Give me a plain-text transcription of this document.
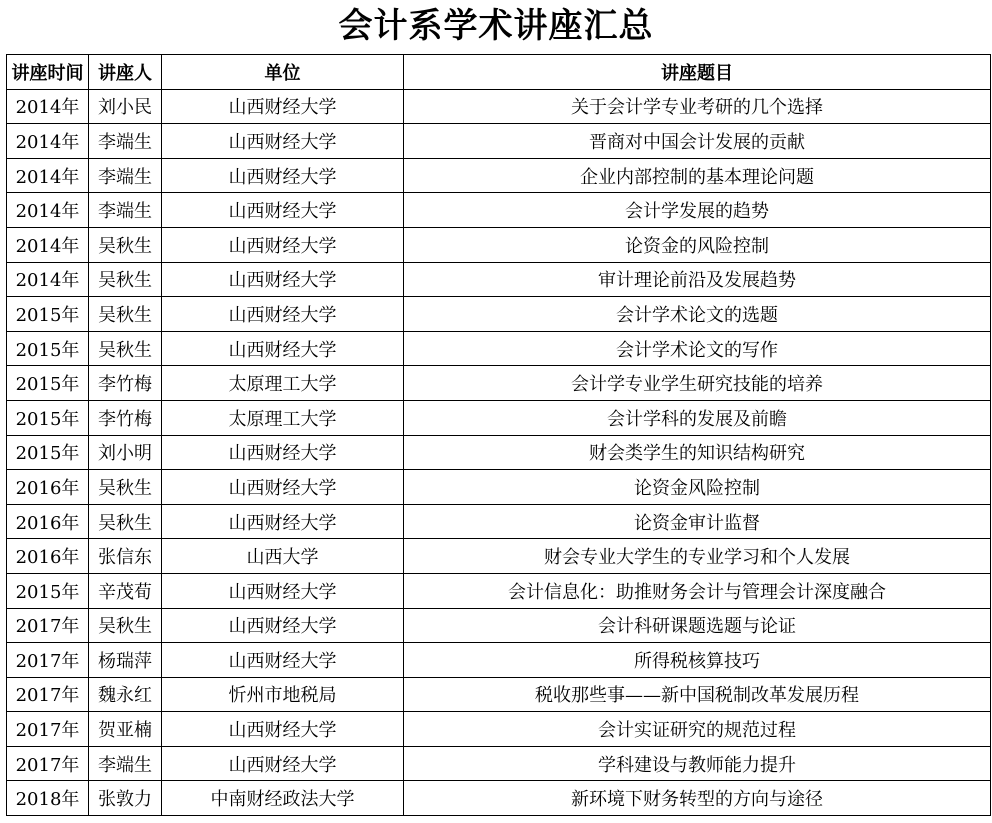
会计系学术讲座汇总
讲座时间	讲座人	单位	讲座题目
2014年	刘小民	山西财经大学	关于会计学专业考研的几个选择
2014年	李端生	山西财经大学	晋商对中国会计发展的贡献
2014年	李端生	山西财经大学	企业内部控制的基本理论问题
2014年	李端生	山西财经大学	会计学发展的趋势
2014年	吴秋生	山西财经大学	论资金的风险控制
2014年	吴秋生	山西财经大学	审计理论前沿及发展趋势
2015年	吴秋生	山西财经大学	会计学术论文的选题
2015年	吴秋生	山西财经大学	会计学术论文的写作
2015年	李竹梅	太原理工大学	会计学专业学生研究技能的培养
2015年	李竹梅	太原理工大学	会计学科的发展及前瞻
2015年	刘小明	山西财经大学	财会类学生的知识结构研究
2016年	吴秋生	山西财经大学	论资金风险控制
2016年	吴秋生	山西财经大学	论资金审计监督
2016年	张信东	山西大学	财会专业大学生的专业学习和个人发展
2015年	辛茂荀	山西财经大学	会计信息化：助推财务会计与管理会计深度融合
2017年	吴秋生	山西财经大学	会计科研课题选题与论证
2017年	杨瑞萍	山西财经大学	所得税核算技巧
2017年	魏永红	忻州市地税局	税收那些事——新中国税制改革发展历程
2017年	贺亚楠	山西财经大学	会计实证研究的规范过程
2017年	李端生	山西财经大学	学科建设与教师能力提升
2018年	张敦力	中南财经政法大学	新环境下财务转型的方向与途径
